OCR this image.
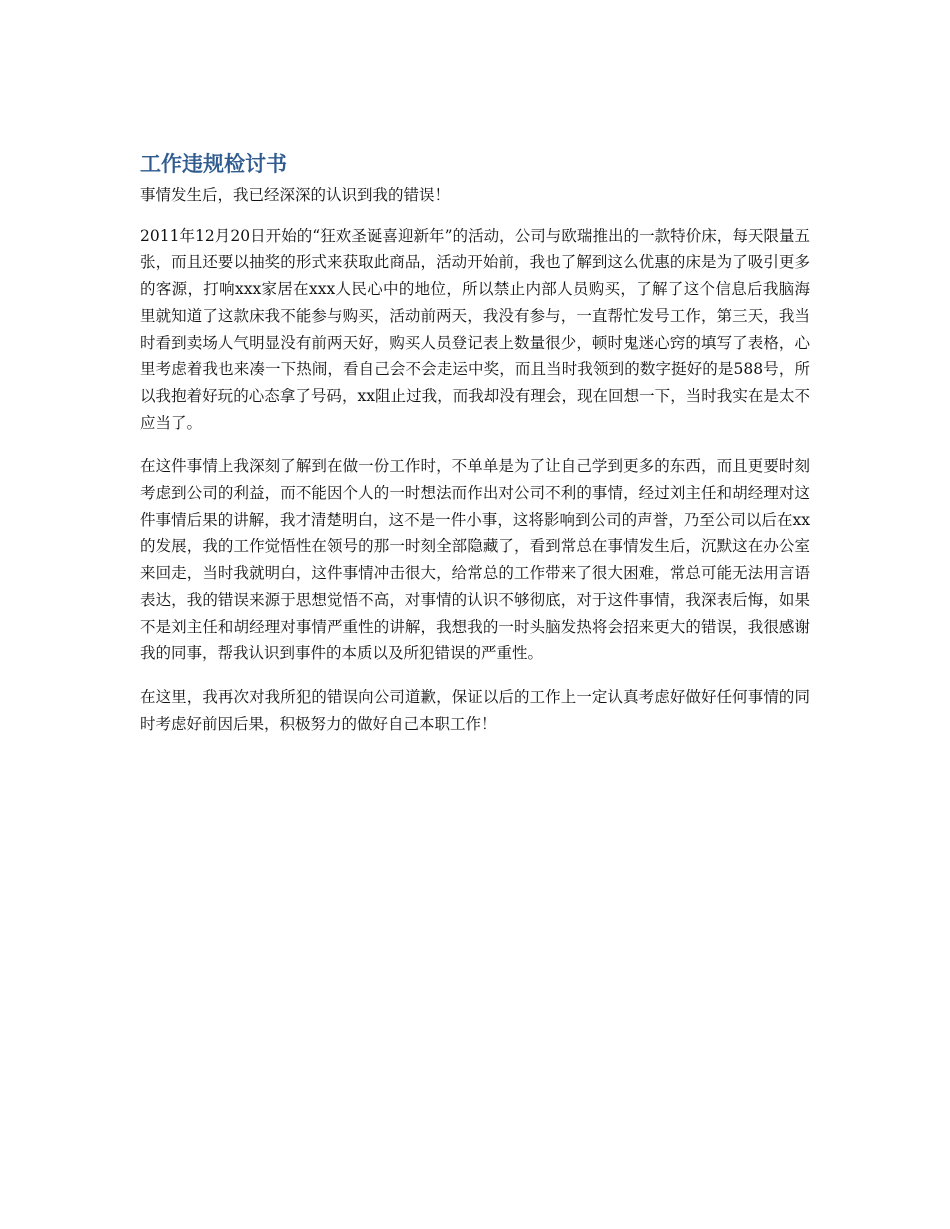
工作违规检讨书

事情发生后，我已经深深的认识到我的错误！

2011年12月20日开始的“狂欢圣诞喜迎新年”的活动，公司与欧瑞推出的一款特价床，每天限量五张，而且还要以抽奖的形式来获取此商品，活动开始前，我也了解到这么优惠的床是为了吸引更多的客源，打响xxx家居在xxx人民心中的地位，所以禁止内部人员购买，了解了这个信息后我脑海里就知道了这款床我不能参与购买，活动前两天，我没有参与，一直帮忙发号工作，第三天，我当时看到卖场人气明显没有前两天好，购买人员登记表上数量很少，顿时鬼迷心窍的填写了表格，心里考虑着我也来凑一下热闹，看自己会不会走运中奖，而且当时我领到的数字挺好的是588号，所以我抱着好玩的心态拿了号码，xx阻止过我，而我却没有理会，现在回想一下，当时我实在是太不应当了。

在这件事情上我深刻了解到在做一份工作时，不单单是为了让自己学到更多的东西，而且更要时刻考虑到公司的利益，而不能因个人的一时想法而作出对公司不利的事情，经过刘主任和胡经理对这件事情后果的讲解，我才清楚明白，这不是一件小事，这将影响到公司的声誉，乃至公司以后在xx的发展，我的工作觉悟性在领号的那一时刻全部隐藏了，看到常总在事情发生后，沉默这在办公室来回走，当时我就明白，这件事情冲击很大，给常总的工作带来了很大困难，常总可能无法用言语表达，我的错误来源于思想觉悟不高，对事情的认识不够彻底，对于这件事情，我深表后悔，如果不是刘主任和胡经理对事情严重性的讲解，我想我的一时头脑发热将会招来更大的错误，我很感谢我的同事，帮我认识到事件的本质以及所犯错误的严重性。

在这里，我再次对我所犯的错误向公司道歉，保证以后的工作上一定认真考虑好做好任何事情的同时考虑好前因后果，积极努力的做好自己本职工作！
